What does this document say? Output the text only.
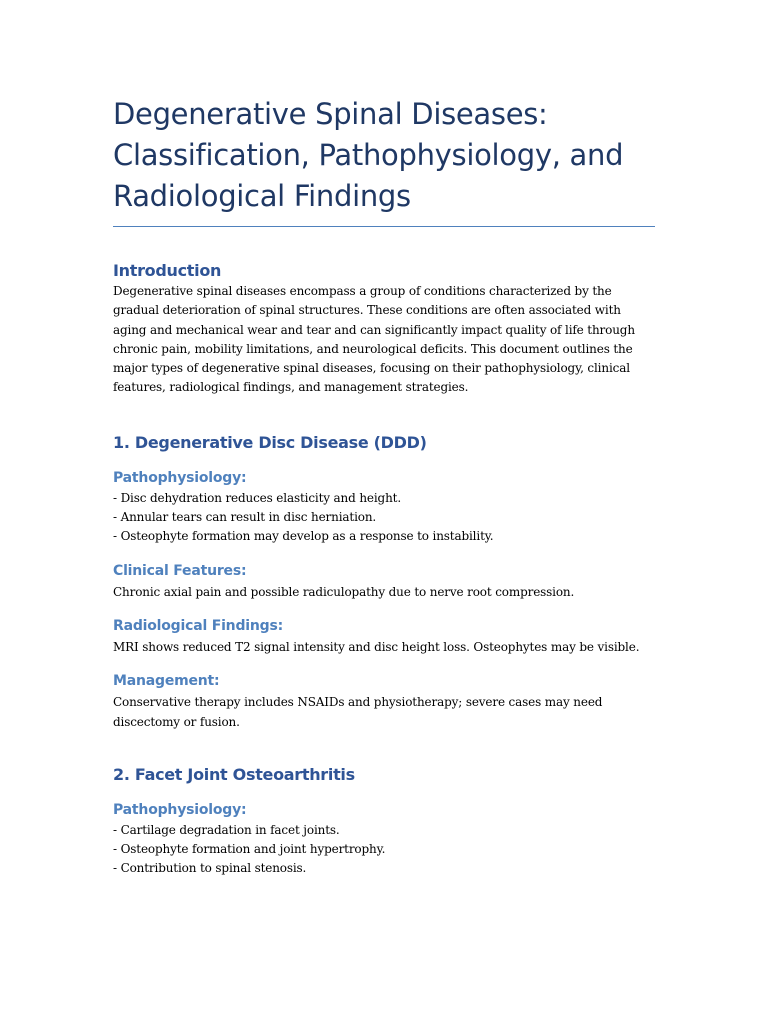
Degenerative Spinal Diseases: Classification, Pathophysiology, and Radiological Findings
Introduction

Degenerative spinal diseases encompass a group of conditions characterized by the gradual deterioration of spinal structures. These conditions are often associated with aging and mechanical wear and tear and can significantly impact quality of life through chronic pain, mobility limitations, and neurological deficits. This document outlines the major types of degenerative spinal diseases, focusing on their pathophysiology, clinical features, radiological findings, and management strategies.

1. Degenerative Disc Disease (DDD)
Pathophysiology:
- Disc dehydration reduces elasticity and height.
- Annular tears can result in disc herniation.
- Osteophyte formation may develop as a response to instability.
Clinical Features:

Chronic axial pain and possible radiculopathy due to nerve root compression.

Radiological Findings:

MRI shows reduced T2 signal intensity and disc height loss. Osteophytes may be visible.

Management:

Conservative therapy includes NSAIDs and physiotherapy; severe cases may need discectomy or fusion.

2. Facet Joint Osteoarthritis
Pathophysiology:
- Cartilage degradation in facet joints.
- Osteophyte formation and joint hypertrophy.
- Contribution to spinal stenosis.
